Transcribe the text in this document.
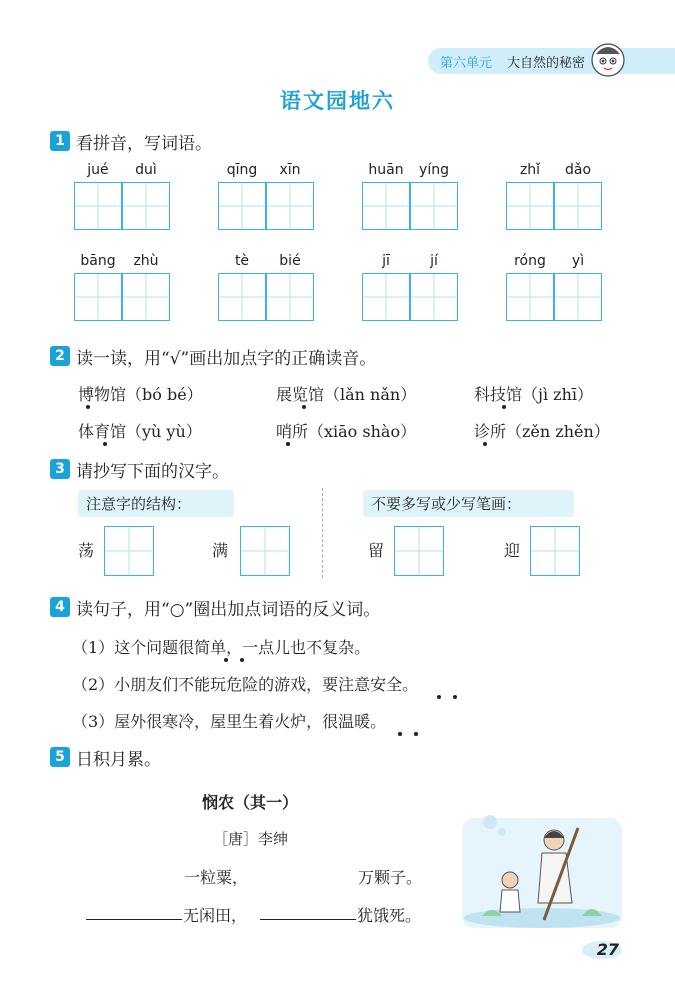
第六单元 大自然的秘密
语文园地六
1 看拼音，写词语。
jué	duì	qīng	xīn	huān	yíng	zhǐ	dǎo
bāng	zhù	tè	bié	jī	jí	róng	yì
2 读一读，用“√”画出加点字的正确读音。
博物馆（bó bé）	展览馆（lǎn nǎn）	科技馆（jì zhī）
体育馆（yù yù）	哨所（xiāo shào）	诊所（zěn zhěn）
3 请抄写下面的汉字。
注意字的结构：	不要多写或少写笔画：
荡	满	留	迎
4 读句子，用“○”圈出加点词语的反义词。
（1）这个问题很简单，一点儿也不复杂。
（2）小朋友们不能玩危险的游戏，要注意安全。
（3）屋外很寒冷，屋里生着火炉，很温暖。
5 日积月累。
悯农（其一）
［唐］李绅
一粒粟，	万颗子。
无闲田，	犹饿死。
27
